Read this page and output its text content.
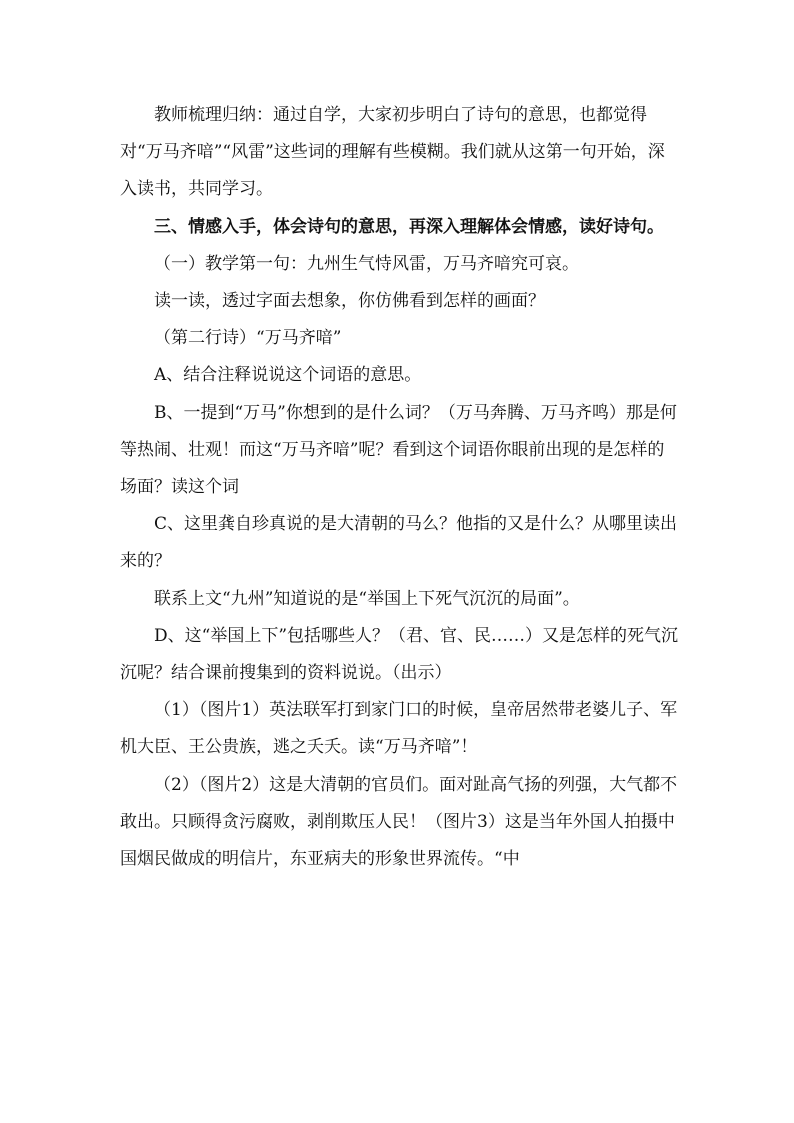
教师梳理归纳：通过自学，大家初步明白了诗句的意思，也都觉得对“万马齐喑”“风雷”这些词的理解有些模糊。我们就从这第一句开始，深入读书，共同学习。

三、情感入手，体会诗句的意思，再深入理解体会情感，读好诗句。

（一）教学第一句：九州生气恃风雷，万马齐喑究可哀。

读一读，透过字面去想象，你仿佛看到怎样的画面？

（第二行诗）“万马齐喑”

A、结合注释说说这个词语的意思。

B、一提到“万马”你想到的是什么词？（万马奔腾、万马齐鸣）那是何等热闹、壮观！而这“万马齐喑”呢？看到这个词语你眼前出现的是怎样的场面？读这个词

C、这里龚自珍真说的是大清朝的马么？他指的又是什么？从哪里读出来的？

联系上文“九州”知道说的是“举国上下死气沉沉的局面”。

D、这“举国上下”包括哪些人？（君、官、民……）又是怎样的死气沉沉呢？结合课前搜集到的资料说说。（出示）

（1）（图片1）英法联军打到家门口的时候，皇帝居然带老婆儿子、军机大臣、王公贵族，逃之夭夭。读“万马齐喑”！

（2）（图片2）这是大清朝的官员们。面对趾高气扬的列强，大气都不敢出。只顾得贪污腐败，剥削欺压人民！（图片3）这是当年外国人拍摄中国烟民做成的明信片，东亚病夫的形象世界流传。“中
